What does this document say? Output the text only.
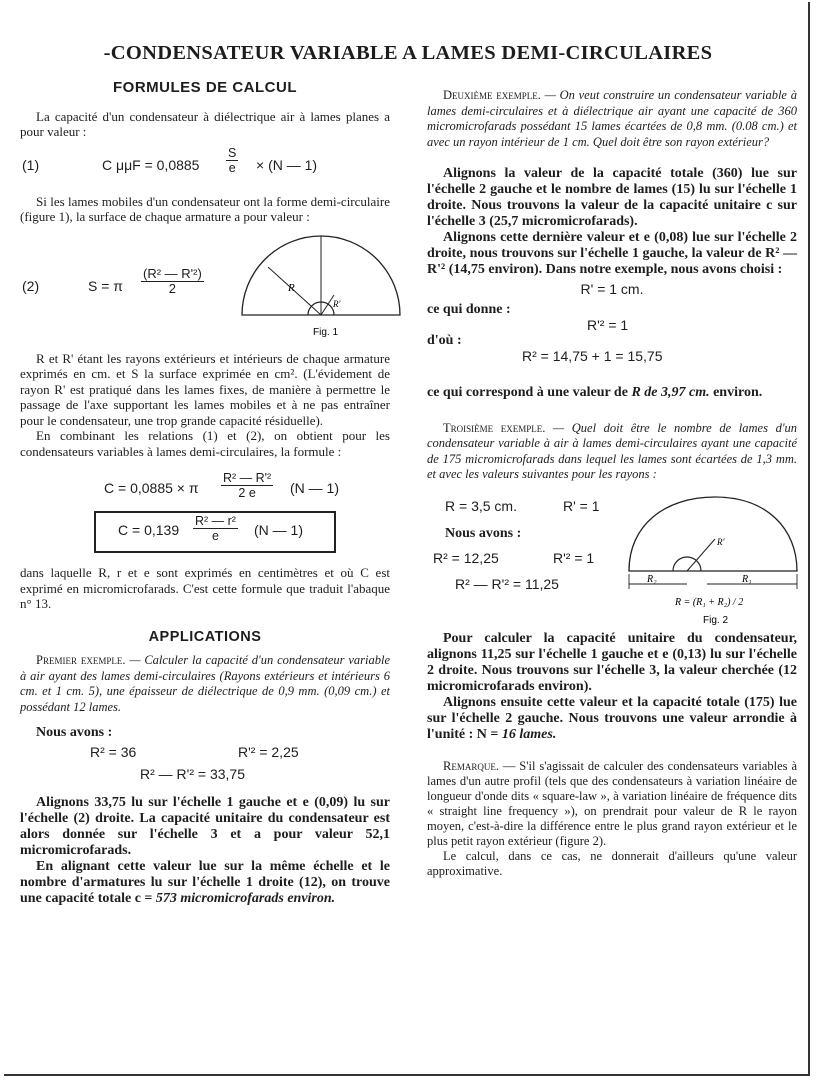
-CONDENSATEUR VARIABLE A LAMES DEMI-CIRCULAIRES
FORMULES DE CALCUL

La capacité d'un condensateur à diélectrique air à lames planes a pour valeur :

(1)	C $\mu\mu F = 0,0885 \frac{S}{e} \times (N$ — 1)

Si les lames mobiles d'un condensateur ont la forme demi-circulaire (figure 1), la surface de chaque armature a pour valeur :

(2)	S = π $\frac{\text{(R² — R'²)}}{2}$	R
R'
Fig. 1

R et R' étant les rayons extérieurs et intérieurs de chaque armature exprimés en cm. et S la surface exprimée en cm². (L'évidement de rayon R' est pratiqué dans les lames fixes, de manière à permettre le passage de l'axe supportant les lames mobiles et à ne pas entraîner pour le condensateur, une trop grande capacité résiduelle).

En combinant les relations (1) et (2), on obtient pour les condensateurs variables à lames demi-circulaires, la formule :

C = 0,0885 × π $\frac{\text{R² — R'²}}{2 e} (N$ — 1)
$C = 0,139 \frac{\text{R² — r²}}{e} (N$ — 1)

dans laquelle R, r et e sont exprimés en centimètres et où C est exprimé en micromicrofarads. C'est cette formule que traduit l'abaque n° 13.

APPLICATIONS

Premier exemple. — Calculer la capacité d'un condensateur variable à air ayant des lames demi-circulaires (Rayons extérieurs et intérieurs 6 cm. et 1 cm. 5), une épaisseur de diélectrique de 0,9 mm. (0,09 cm.) et possédant 12 lames.

Nous avons :
R² = 36	R'² = 2,25
R² — R'² = 33,75

Alignons 33,75 lu sur l'échelle 1 gauche et e (0,09) lu sur l'échelle (2) droite. La capacité unitaire du condensateur est alors donnée sur l'échelle 3 et a pour valeur 52,1 micromicrofarads.

En alignant cette valeur lue sur la même échelle et le nombre d'armatures lu sur l'échelle 1 droite (12), on trouve une capacité totale c = 573 micromicrofarads environ.

Deuxième exemple. — On veut construire un condensateur variable à lames demi-circulaires et à diélectrique air ayant une capacité de 360 micromicrofarads possédant 15 lames écartées de 0,8 mm. (0.08 cm.) et avec un rayon intérieur de 1 cm. Quel doit être son rayon extérieur?

Alignons la valeur de la capacité totale (360) lue sur l'échelle 2 gauche et le nombre de lames (15) lu sur l'échelle 1 droite. Nous trouvons la valeur de la capacité unitaire c sur l'échelle 3 (25,7 micromicrofarads).

Alignons cette dernière valeur et e (0,08) lue sur l'échelle 2 droite, nous trouvons sur l'échelle 1 gauche, la valeur de R² — R'² (14,75 environ). Dans notre exemple, nous avons choisi :

R' = 1 cm.
ce qui donne :
R'² = 1
d'où :
R² = 14,75 + 1 = 15,75

ce qui correspond à une valeur de R de 3,97 cm. environ.

Troisième exemple. — Quel doit être le nombre de lames d'un condensateur variable à air à lames demi-circulaires ayant une capacité de 175 micromicrofarads dans lequel les lames sont écartées de 1,3 mm. et avec les valeurs suivantes pour les rayons :

R = 3,5 cm.	R' = 1
Nous avons :
R² = 12,25	R'² = 1
R² — R'² = 11,25
R'
R₂	R₁
R = (R₁ + R₂) / 2
Fig. 2

Pour calculer la capacité unitaire du condensateur, alignons 11,25 sur l'échelle 1 gauche et e (0,13) lu sur l'échelle 2 droite. Nous trouvons sur l'échelle 3, la valeur cherchée (12 micromicrofarads environ).

Alignons ensuite cette valeur et la capacité totale (175) lue sur l'échelle 2 gauche. Nous trouvons une valeur arrondie à l'unité : N = 16 lames.

Remarque. — S'il s'agissait de calculer des condensateurs variables à lames d'un autre profil (tels que des condensateurs à variation linéaire de longueur d'onde dits « square-law », à variation linéaire de fréquence dits « straight line frequency »), on prendrait pour valeur de R le rayon moyen, c'est-à-dire la différence entre le plus grand rayon extérieur et le plus petit rayon extérieur (figure 2).

Le calcul, dans ce cas, ne donnerait d'ailleurs qu'une valeur approximative.
